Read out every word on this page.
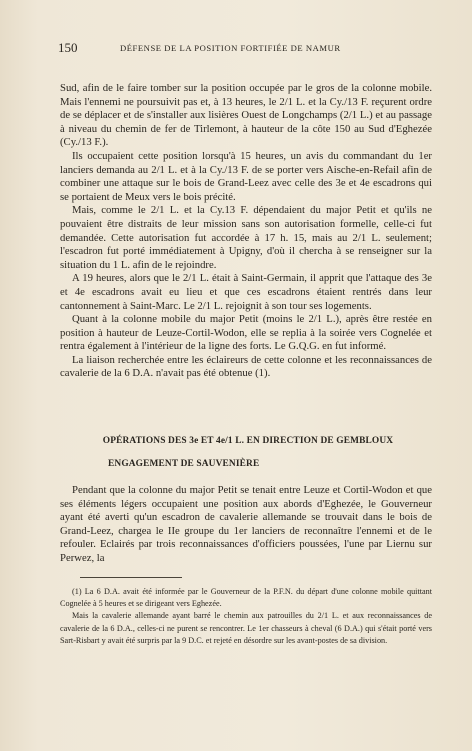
150	DÉFENSE DE LA POSITION FORTIFIÉE DE NAMUR

Sud, afin de le faire tomber sur la position occupée par le gros de la colonne mobile. Mais l'ennemi ne poursuivit pas et, à 13 heures, le 2/1 L. et la Cy./13 F. reçurent ordre de se déplacer et de s'installer aux lisières Ouest de Longchamps (2/1 L.) et au passage à niveau du chemin de fer de Tirlemont, à hauteur de la côte 150 au Sud d'Eghezée (Cy./13 F.).

Ils occupaient cette position lorsqu'à 15 heures, un avis du commandant du 1er lanciers demanda au 2/1 L. et à la Cy./13 F. de se porter vers Aische-en-Refail afin de combiner une attaque sur le bois de Grand-Leez avec celle des 3e et 4e escadrons qui se portaient de Meux vers le bois précité.

Mais, comme le 2/1 L. et la Cy.13 F. dépendaient du major Petit et qu'ils ne pouvaient être distraits de leur mission sans son autorisation formelle, celle-ci fut demandée. Cette autorisation fut accordée à 17 h. 15, mais au 2/1 L. seulement; l'escadron fut porté immédiatement à Upigny, d'où il chercha à se renseigner sur la situation du 1 L. afin de le rejoindre.

A 19 heures, alors que le 2/1 L. était à Saint-Germain, il apprit que l'attaque des 3e et 4e escadrons avait eu lieu et que ces escadrons étaient rentrés dans leur cantonnement à Saint-Marc. Le 2/1 L. rejoignit à son tour ses logements.

Quant à la colonne mobile du major Petit (moins le 2/1 L.), après être restée en position à hauteur de Leuze-Cortil-Wodon, elle se replia à la soirée vers Cognelée et rentra également à l'intérieur de la ligne des forts. Le G.Q.G. en fut informé.

La liaison recherchée entre les éclaireurs de cette colonne et les reconnaissances de cavalerie de la 6 D.A. n'avait pas été obtenue (1).

OPÉRATIONS DES 3e ET 4e/1 L. EN DIRECTION DE GEMBLOUX
ENGAGEMENT DE SAUVENIÈRE

Pendant que la colonne du major Petit se tenait entre Leuze et Cortil-Wodon et que ses éléments légers occupaient une position aux abords d'Eghezée, le Gouverneur ayant été averti qu'un escadron de cavalerie allemande se trouvait dans le bois de Grand-Leez, chargea le IIe groupe du 1er lanciers de reconnaître l'ennemi et de le refouler. Eclairés par trois reconnaissances d'officiers poussées, l'une par Liernu sur Perwez, la

(1) La 6 D.A. avait été informée par le Gouverneur de la P.F.N. du départ d'une colonne mobile quittant Cognelée à 5 heures et se dirigeant vers Eghezée.

Mais la cavalerie allemande ayant barré le chemin aux patrouilles du 2/1 L. et aux reconnaissances de cavalerie de la 6 D.A., celles-ci ne purent se rencontrer. Le 1er chasseurs à cheval (6 D.A.) qui s'était porté vers Sart-Risbart y avait été surpris par la 9 D.C. et rejeté en désordre sur les avant-postes de sa division.
